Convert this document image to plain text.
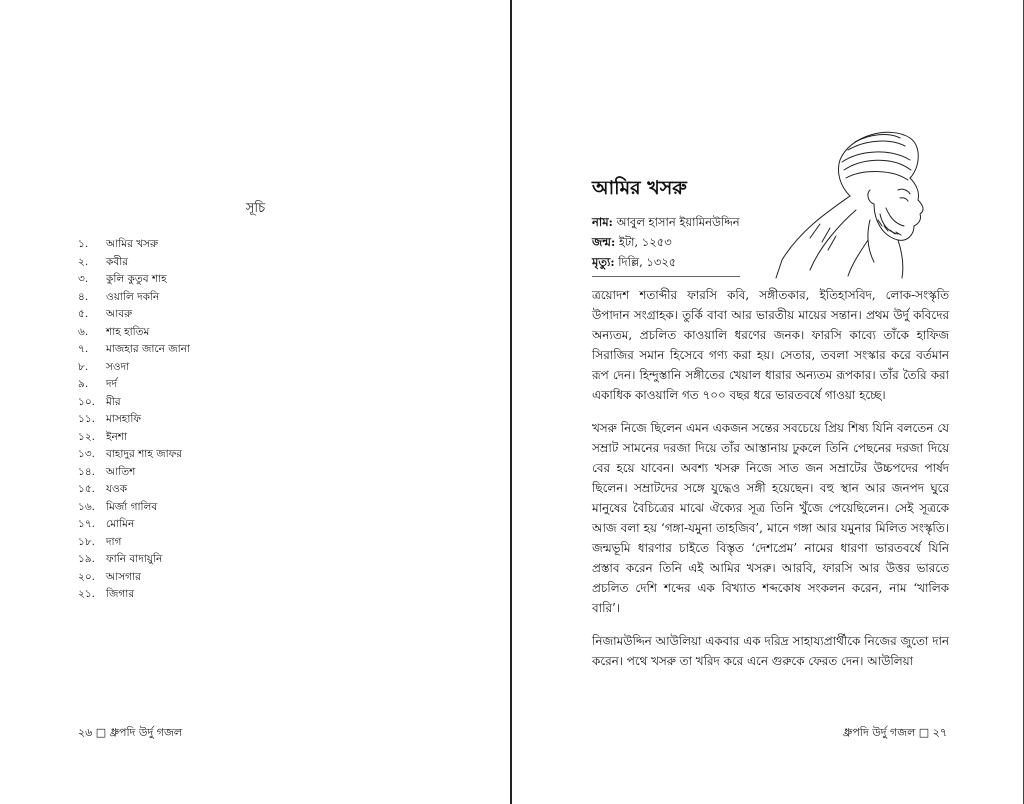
সূচি
১. আমির খসরু
২. কবীর
৩. কুলি কুতুব শাহ
৪. ওয়ালি দকনি
৫. আবরু
৬. শাহ হাতিম
৭. মাজহার জানে জানা
৮. সওদা
৯. দর্দ
১০. মীর
১১. মাসহাফি
১২. ইনশা
১৩. বাহাদুর শাহ জাফর
১৪. আতিশ
১৫. যওক
১৬. মির্জা গালিব
১৭. মোমিন
১৮. দাগ
১৯. ফানি বাদায়ুনি
২০. আসগার
২১. জিগার
২৬ □ ধ্রুপদি উর্দু গজল
আমির খসরু
নাম: আবুল হাসান ইয়ামিনউদ্দিন
জন্ম: ইটা, ১২৫৩
মৃত্যু: দিল্লি, ১৩২৫

ত্রয়োদশ শতাব্দীর ফারসি কবি, সঙ্গীতকার, ইতিহাসবিদ, লোক-সংস্কৃতি উপাদান সংগ্রাহক। তুর্কি বাবা আর ভারতীয় মায়ের সন্তান। প্রথম উর্দু কবিদের অন্যতম, প্রচলিত কাওয়ালি ধরণের জনক। ফারসি কাব্যে তাঁকে হাফিজ সিরাজির সমান হিসেবে গণ্য করা হয়। সেতার, তবলা সংস্কার করে বর্তমান রূপ দেন। হিন্দুস্তানি সঙ্গীতের খেয়াল ধারার অন্যতম রূপকার। তাঁর তৈরি করা একাধিক কাওয়ালি গত ৭০০ বছর ধরে ভারতবর্ষে গাওয়া হচ্ছে।

খসরু নিজে ছিলেন এমন একজন সন্তের সবচেয়ে প্রিয় শিষ্য যিনি বলতেন যে সম্রাট সামনের দরজা দিয়ে তাঁর আস্তানায় ঢুকলে তিনি পেছনের দরজা দিয়ে বের হয়ে যাবেন। অবশ্য খসরু নিজে সাত জন সম্রাটের উচ্চপদের পার্ষদ ছিলেন। সম্রাটদের সঙ্গে যুদ্ধেও সঙ্গী হয়েছেন। বহু স্থান আর জনপদ ঘুরে মানুষের বৈচিত্রের মাঝে ঐক্যের সূত্র তিনি খুঁজে পেয়েছিলেন। সেই সূত্রকে আজ বলা হয় ‘গঙ্গা-যমুনা তাহজিব’, মানে গঙ্গা আর যমুনার মিলিত সংস্কৃতি। জন্মভূমি ধারণার চাইতে বিস্তৃত ‘দেশপ্রেম’ নামের ধারণা ভারতবর্ষে যিনি প্রস্তাব করেন তিনি এই আমির খসরু। আরবি, ফারসি আর উত্তর ভারতে প্রচলিত দেশি শব্দের এক বিখ্যাত শব্দকোষ সংকলন করেন, নাম ‘খালিক বারি’।

নিজামউদ্দিন আউলিয়া একবার এক দরিদ্র সাহায্যপ্রার্থীকে নিজের জুতো দান করেন। পথে খসরু তা খরিদ করে এনে গুরুকে ফেরত দেন। আউলিয়া

ধ্রুপদি উর্দু গজল □ ২৭
